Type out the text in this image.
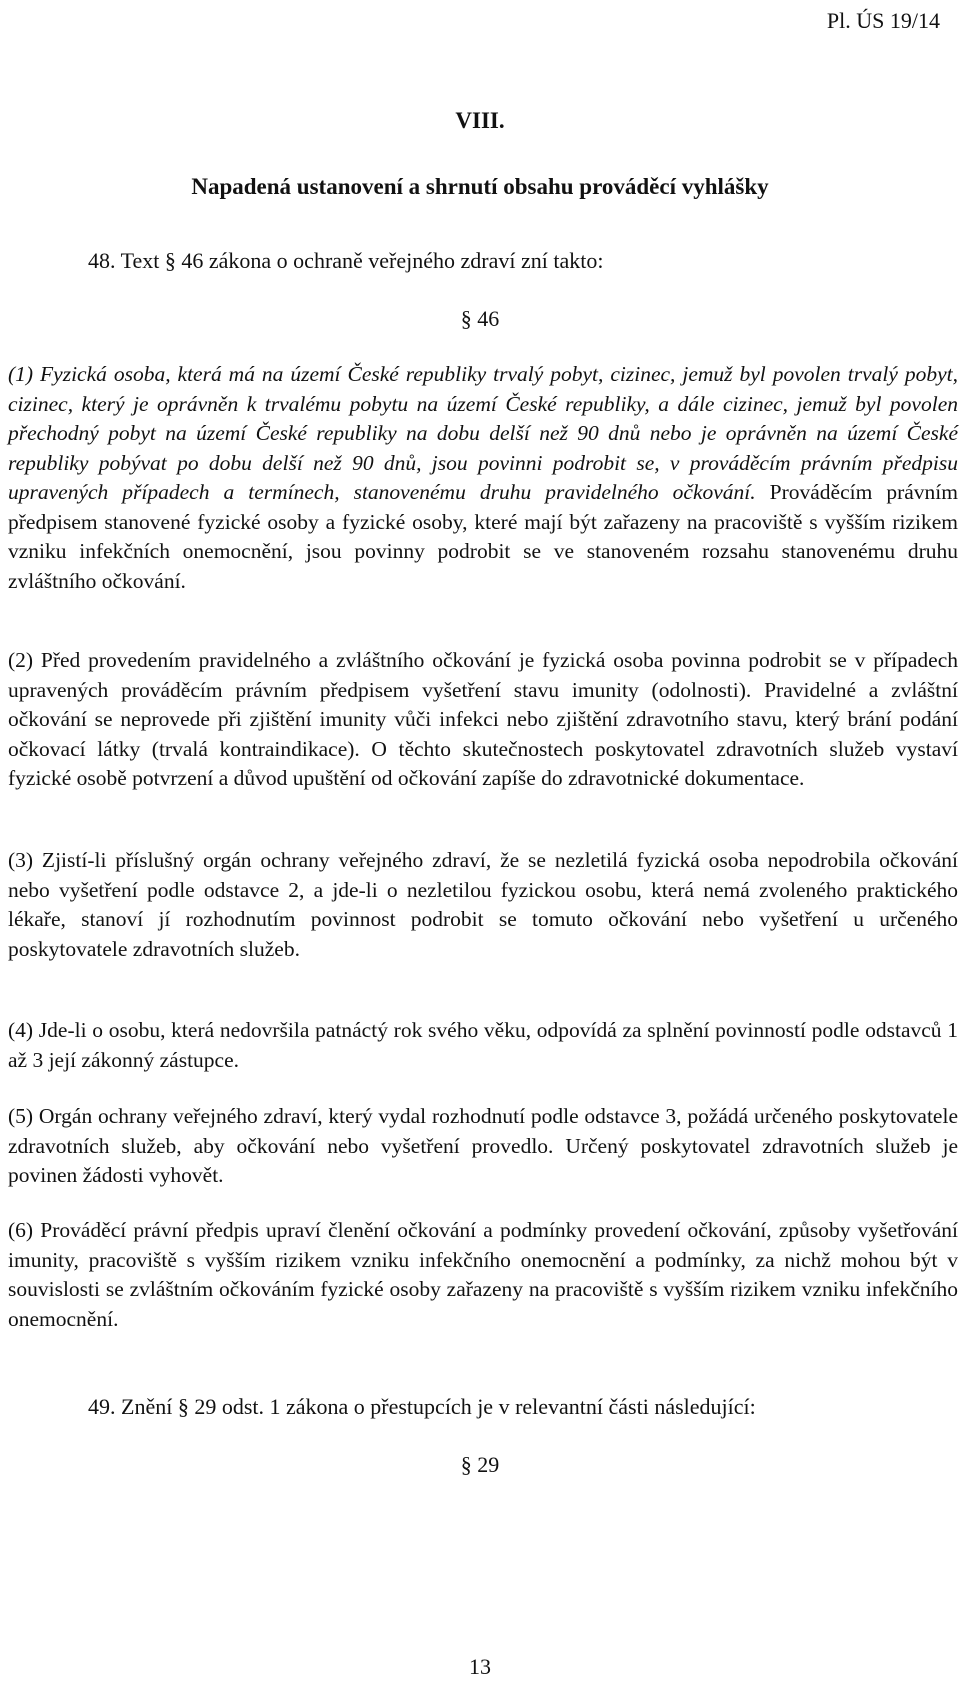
Pl. ÚS 19/14
VIII.
Napadená ustanovení a shrnutí obsahu prováděcí vyhlášky
48. Text § 46 zákona o ochraně veřejného zdraví zní takto:
§ 46

(1) Fyzická osoba, která má na území České republiky trvalý pobyt, cizinec, jemuž byl povolen trvalý pobyt, cizinec, který je oprávněn k trvalému pobytu na území České republiky, a dále cizinec, jemuž byl povolen přechodný pobyt na území České republiky na dobu delší než 90 dnů nebo je oprávněn na území České republiky pobývat po dobu delší než 90 dnů, jsou povinni podrobit se, v prováděcím právním předpisu upravených případech a termínech, stanovenému druhu pravidelného očkování. Prováděcím právním předpisem stanovené fyzické osoby a fyzické osoby, které mají být zařazeny na pracoviště s vyšším rizikem vzniku infekčních onemocnění, jsou povinny podrobit se ve stanoveném rozsahu stanovenému druhu zvláštního očkování.

(2) Před provedením pravidelného a zvláštního očkování je fyzická osoba povinna podrobit se v případech upravených prováděcím právním předpisem vyšetření stavu imunity (odolnosti). Pravidelné a zvláštní očkování se neprovede při zjištění imunity vůči infekci nebo zjištění zdravotního stavu, který brání podání očkovací látky (trvalá kontraindikace). O těchto skutečnostech poskytovatel zdravotních služeb vystaví fyzické osobě potvrzení a důvod upuštění od očkování zapíše do zdravotnické dokumentace.

(3) Zjistí-li příslušný orgán ochrany veřejného zdraví, že se nezletilá fyzická osoba nepodrobila očkování nebo vyšetření podle odstavce 2, a jde-li o nezletilou fyzickou osobu, která nemá zvoleného praktického lékaře, stanoví jí rozhodnutím povinnost podrobit se tomuto očkování nebo vyšetření u určeného poskytovatele zdravotních služeb.

(4) Jde-li o osobu, která nedovršila patnáctý rok svého věku, odpovídá za splnění povinností podle odstavců 1 až 3 její zákonný zástupce.

(5) Orgán ochrany veřejného zdraví, který vydal rozhodnutí podle odstavce 3, požádá určeného poskytovatele zdravotních služeb, aby očkování nebo vyšetření provedlo. Určený poskytovatel zdravotních služeb je povinen žádosti vyhovět.

(6) Prováděcí právní předpis upraví členění očkování a podmínky provedení očkování, způsoby vyšetřování imunity, pracoviště s vyšším rizikem vzniku infekčního onemocnění a podmínky, za nichž mohou být v souvislosti se zvláštním očkováním fyzické osoby zařazeny na pracoviště s vyšším rizikem vzniku infekčního onemocnění.

49. Znění § 29 odst. 1 zákona o přestupcích je v relevantní části následující:
§ 29
13
